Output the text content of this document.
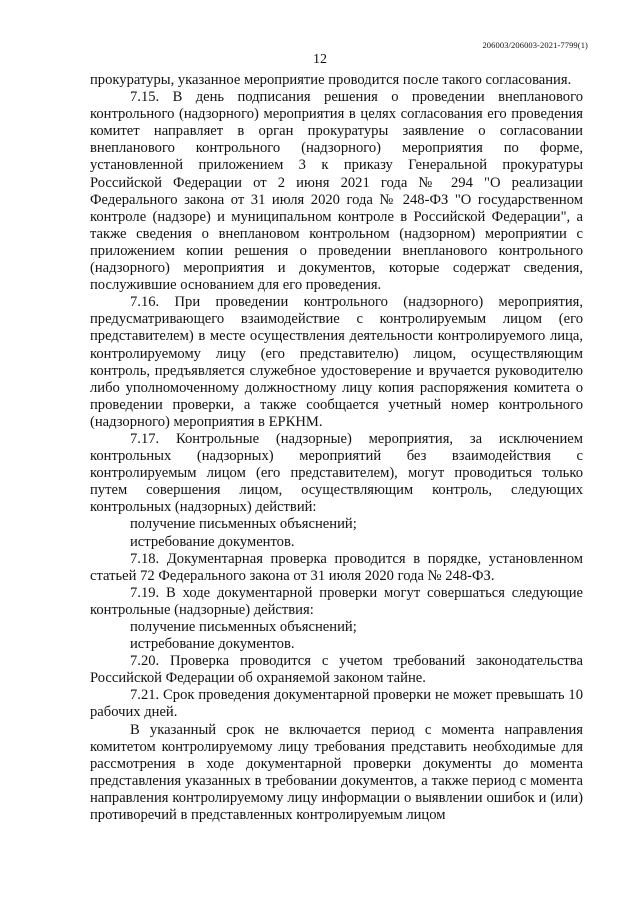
206003/206003-2021-7799(1)
12

прокуратуры, указанное мероприятие проводится после такого согласования.

7.15. В день подписания решения о проведении внепланового контрольного (надзорного) мероприятия в целях согласования его проведения комитет направляет в орган прокуратуры заявление о согласовании внепланового контрольного (надзорного) мероприятия по форме, установленной приложением 3 к приказу Генеральной прокуратуры Российской Федерации от 2 июня 2021 года № 294 "О реализации Федерального закона от 31 июля 2020 года № 248-ФЗ "О государственном контроле (надзоре) и муниципальном контроле в Российской Федерации", а также сведения о внеплановом контрольном (надзорном) мероприятии с приложением копии решения о проведении внепланового контрольного (надзорного) мероприятия и документов, которые содержат сведения, послужившие основанием для его проведения.

7.16. При проведении контрольного (надзорного) мероприятия, предусматривающего взаимодействие с контролируемым лицом (его представителем) в месте осуществления деятельности контролируемого лица, контролируемому лицу (его представителю) лицом, осуществляющим контроль, предъявляется служебное удостоверение и вручается руководителю либо уполномоченному должностному лицу копия распоряжения комитета о проведении проверки, а также сообщается учетный номер контрольного (надзорного) мероприятия в ЕРКНМ.

7.17. Контрольные (надзорные) мероприятия, за исключением контрольных (надзорных) мероприятий без взаимодействия с контролируемым лицом (его представителем), могут проводиться только путем совершения лицом, осуществляющим контроль, следующих контрольных (надзорных) действий:

получение письменных объяснений;

истребование документов.

7.18. Документарная проверка проводится в порядке, установленном статьей 72 Федерального закона от 31 июля 2020 года № 248-ФЗ.

7.19. В ходе документарной проверки могут совершаться следующие контрольные (надзорные) действия:

получение письменных объяснений;

истребование документов.

7.20. Проверка проводится с учетом требований законодательства Российской Федерации об охраняемой законом тайне.

7.21. Срок проведения документарной проверки не может превышать 10 рабочих дней.

В указанный срок не включается период с момента направления комитетом контролируемому лицу требования представить необходимые для рассмотрения в ходе документарной проверки документы до момента представления указанных в требовании документов, а также период с момента направления контролируемому лицу информации о выявлении ошибок и (или) противоречий в представленных контролируемым лицом
